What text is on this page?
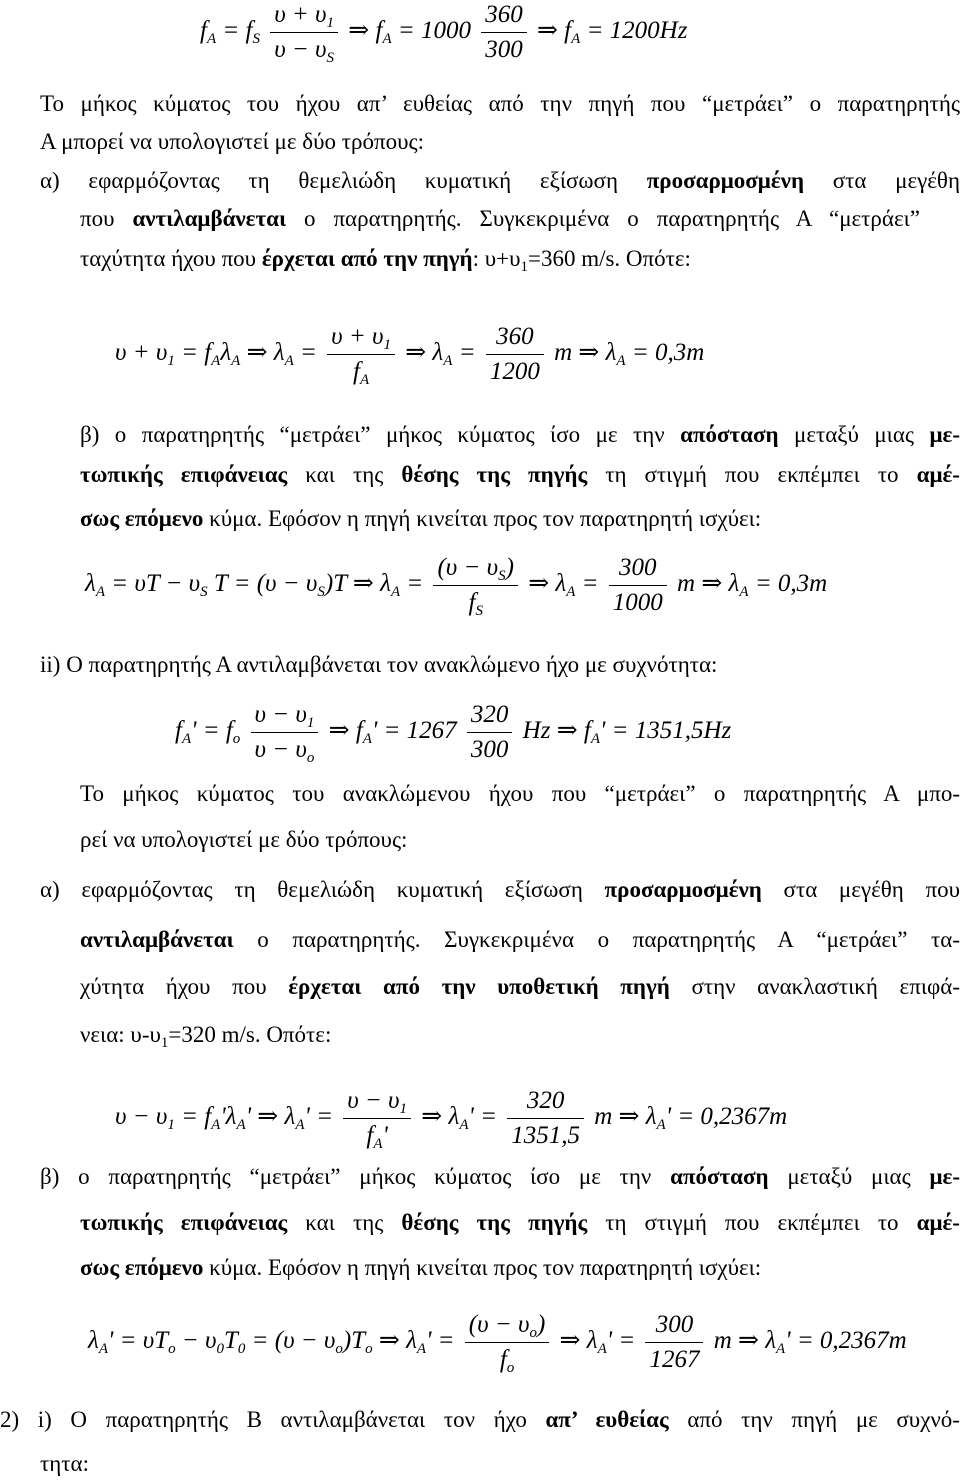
$f_A = f_S \frac{\upsilon + \upsilon_1}{\upsilon - \upsilon_S}$ ⇒ $f_A = 1000 \frac{360}{300}$ ⇒ $f_A = 1200Hz$
Το μήκος κύματος του ήχου απ’ ευθείας από την πηγή που “μετράει” ο παρατηρητής
Α μπορεί να υπολογιστεί με δύο τρόπους:
α) εφαρμόζοντας τη θεμελιώδη κυματική εξίσωση προσαρμοσμένη στα μεγέθη
που αντιλαμβάνεται ο παρατηρητής. Συγκεκριμένα ο παρατηρητής Α “μετράει”
ταχύτητα ήχου που έρχεται από την πηγή: $\upsilon+\upsilon_1=360$ m/s. Οπότε:
$\upsilon + \upsilon_1 = f_A\lambda_A$ ⇒ $\lambda_A = \frac{\upsilon + \upsilon_1}{f_A}$ ⇒ $\lambda_A = \frac{360}{1200}$ m ⇒ $\lambda_A = 0,3m$
β) ο παρατηρητής “μετράει” μήκος κύματος ίσο με την απόσταση μεταξύ μιας με-
τωπικής επιφάνειας και της θέσης της πηγής τη στιγμή που εκπέμπει το αμέ-
σως επόμενο κύμα. Εφόσον η πηγή κινείται προς τον παρατηρητή ισχύει:
$\lambda_A = \upsilon T - \upsilon_S$ $T = (\upsilon - \upsilon_S)T$ ⇒ $\lambda_A = \frac{(\upsilon - \upsilon_S)}{f_S}$ ⇒ $\lambda_A = \frac{300}{1000}$ m ⇒ $\lambda_A = 0,3m$
ii) Ο παρατηρητής Α αντιλαμβάνεται τον ανακλώμενο ήχο με συχνότητα:
$f_A' = f_o \frac{\upsilon - \upsilon_1}{\upsilon - \upsilon_o}$ ⇒ $f_A' = 1267 \frac{320}{300}$ Hz ⇒ $f_A' = 1351,5Hz$
Το μήκος κύματος του ανακλώμενου ήχου που “μετράει” ο παρατηρητής Α μπο-
ρεί να υπολογιστεί με δύο τρόπους:
α) εφαρμόζοντας τη θεμελιώδη κυματική εξίσωση προσαρμοσμένη στα μεγέθη που
αντιλαμβάνεται ο παρατηρητής. Συγκεκριμένα ο παρατηρητής Α “μετράει” τα-
χύτητα ήχου που έρχεται από την υποθετική πηγή στην ανακλαστική επιφά-
νεια: $\upsilon-\upsilon_1=320$ m/s. Οπότε:
$\upsilon - \upsilon_1 = f_A'\lambda_A'$ ⇒ $\lambda_A' = \frac{\upsilon - \upsilon_1}{f_A'}$ ⇒ $\lambda_A' = \frac{320}{1351,5}$ m ⇒ $\lambda_A' = 0,2367m$
β) ο παρατηρητής “μετράει” μήκος κύματος ίσο με την απόσταση μεταξύ μιας με-
τωπικής επιφάνειας και της θέσης της πηγής τη στιγμή που εκπέμπει το αμέ-
σως επόμενο κύμα. Εφόσον η πηγή κινείται προς τον παρατηρητή ισχύει:
$\lambda_A' = \upsilon T_o - \upsilon_0T_0 = (\upsilon - \upsilon_o)T_o$ ⇒ $\lambda_A' = \frac{(\upsilon - \upsilon_o)}{f_o}$ ⇒ $\lambda_A' = \frac{300}{1267}$ m ⇒ $\lambda_A' = 0,2367m$
2) i) Ο παρατηρητής Β αντιλαμβάνεται τον ήχο απ’ ευθείας από την πηγή με συχνό-
τητα:
